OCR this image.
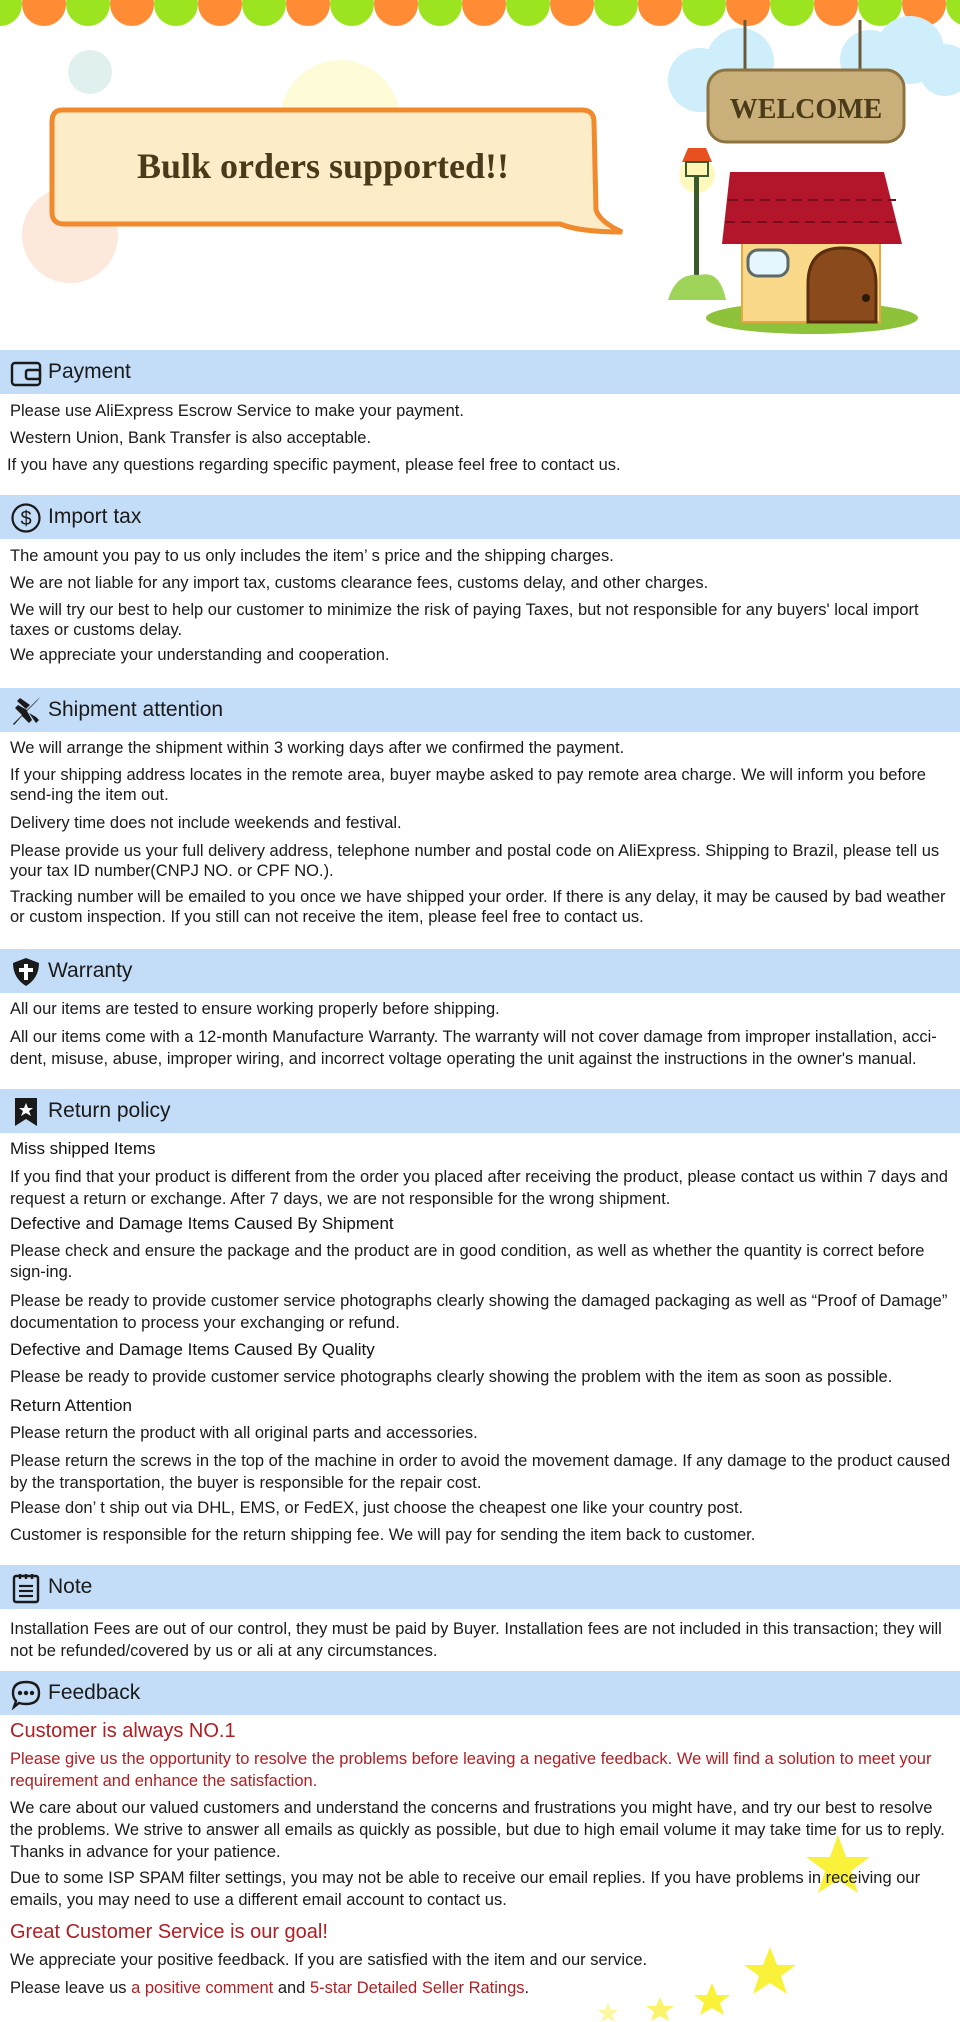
Bulk orders supported!!
WELCOME
Payment
Please use AliExpress Escrow Service to make your payment.
Western Union, Bank Transfer is also acceptable.
If you have any questions regarding specific payment, please feel free to contact us.
$ Import tax
The amount you pay to us only includes the item’ s price and the shipping charges.
We are not liable for any import tax, customs clearance fees, customs delay, and other charges.
We will try our best to help our customer to minimize the risk of paying Taxes, but not responsible for any buyers' local import taxes or customs delay.
We appreciate your understanding and cooperation.
Shipment attention
We will arrange the shipment within 3 working days after we confirmed the payment.
If your shipping address locates in the remote area, buyer maybe asked to pay remote area charge. We will inform you before send-ing the item out.
Delivery time does not include weekends and festival.
Please provide us your full delivery address, telephone number and postal code on AliExpress. Shipping to Brazil, please tell us your tax ID number(CNPJ NO. or CPF NO.).
Tracking number will be emailed to you once we have shipped your order. If there is any delay, it may be caused by bad weather or custom inspection. If you still can not receive the item, please feel free to contact us.
Warranty
All our items are tested to ensure working properly before shipping.
All our items come with a 12-month Manufacture Warranty. The warranty will not cover damage from improper installation, acci-dent, misuse, abuse, improper wiring, and incorrect voltage operating the unit against the instructions in the owner's manual.
Return policy
Miss shipped Items
If you find that your product is different from the order you placed after receiving the product, please contact us within 7 days and request a return or exchange. After 7 days, we are not responsible for the wrong shipment.
Defective and Damage Items Caused By Shipment
Please check and ensure the package and the product are in good condition, as well as whether the quantity is correct before sign-ing.
Please be ready to provide customer service photographs clearly showing the damaged packaging as well as “Proof of Damage” documentation to process your exchanging or refund.
Defective and Damage Items Caused By Quality
Please be ready to provide customer service photographs clearly showing the problem with the item as soon as possible.
Return Attention
Please return the product with all original parts and accessories.
Please return the screws in the top of the machine in order to avoid the movement damage. If any damage to the product caused by the transportation, the buyer is responsible for the repair cost.
Please don’ t ship out via DHL, EMS, or FedEX, just choose the cheapest one like your country post.
Customer is responsible for the return shipping fee. We will pay for sending the item back to customer.
Note
Installation Fees are out of our control, they must be paid by Buyer. Installation fees are not included in this transaction; they will not be refunded/covered by us or ali at any circumstances.
Feedback
Customer is always NO.1
Please give us the opportunity to resolve the problems before leaving a negative feedback. We will find a solution to meet your requirement and enhance the satisfaction.
We care about our valued customers and understand the concerns and frustrations you might have, and try our best to resolve the problems. We strive to answer all emails as quickly as possible, but due to high email volume it may take time for us to reply. Thanks in advance for your patience.
Due to some ISP SPAM filter settings, you may not be able to receive our email replies. If you have problems in receiving our emails, you may need to use a different email account to contact us.
Great Customer Service is our goal!
We appreciate your positive feedback. If you are satisfied with the item and our service.
Please leave us a positive comment and 5-star Detailed Seller Ratings.
